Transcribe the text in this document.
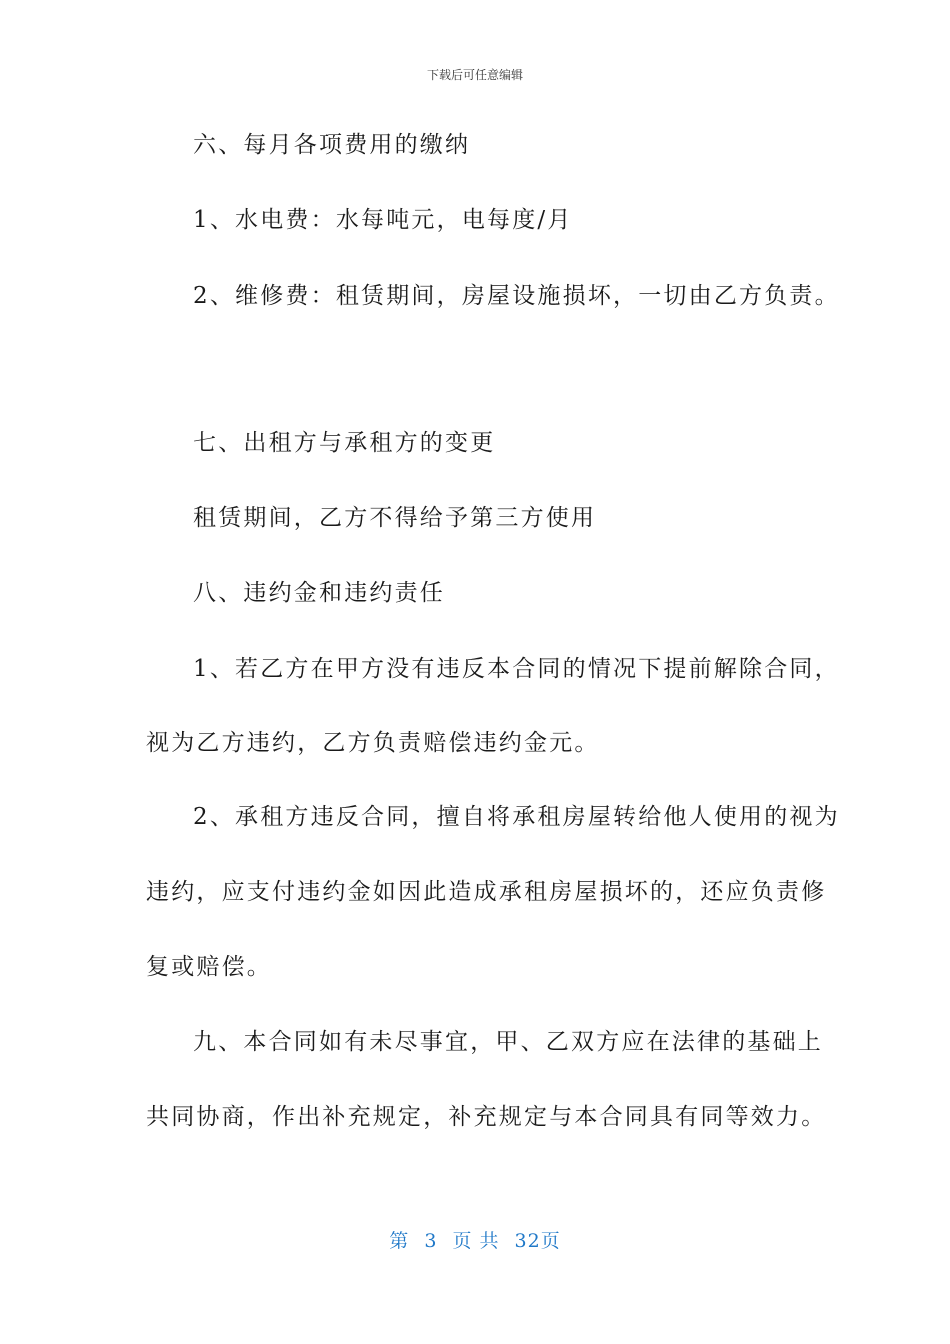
下载后可任意编辑
六、每月各项费用的缴纳
1、水电费：水每吨元，电每度/月
2、维修费：租赁期间，房屋设施损坏，一切由乙方负责。
七、出租方与承租方的变更
租赁期间，乙方不得给予第三方使用
八、违约金和违约责任
1、若乙方在甲方没有违反本合同的情况下提前解除合同，
视为乙方违约，乙方负责赔偿违约金元。
2、承租方违反合同，擅自将承租房屋转给他人使用的视为
违约，应支付违约金如因此造成承租房屋损坏的，还应负责修
复或赔偿。
九、本合同如有未尽事宜，甲、乙双方应在法律的基础上
共同协商，作出补充规定，补充规定与本合同具有同等效力。
第 3 页 共 32页
